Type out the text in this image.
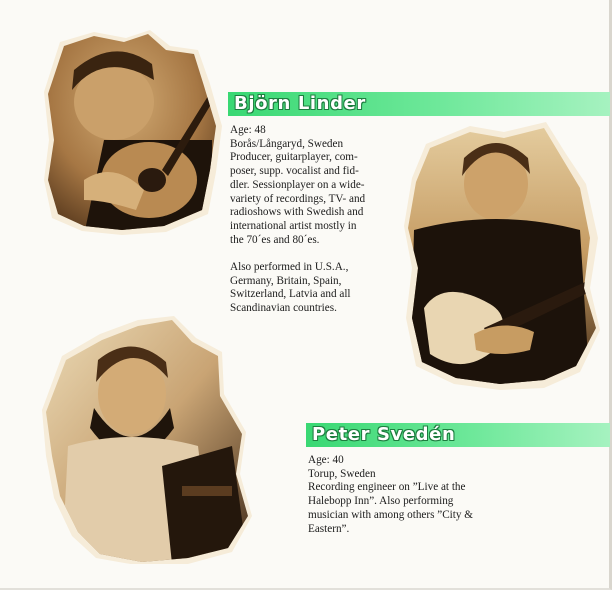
Björn Linder

Age: 48

Borås/Långaryd, Sweden

Producer, guitarplayer, com-

poser, supp. vocalist and fid-

dler. Sessionplayer on a wide-

variety of recordings, TV- and

radioshows with Swedish and

international artist mostly in

the 70´es and 80´es.

Also performed in U.S.A.,

Germany, Britain, Spain,

Switzerland, Latvia and all

Scandinavian countries.

Peter Svedén

Age: 40

Torup, Sweden

Recording engineer on ”Live at the

Halebopp Inn”. Also performing

musician with among others ”City &

Eastern”.
